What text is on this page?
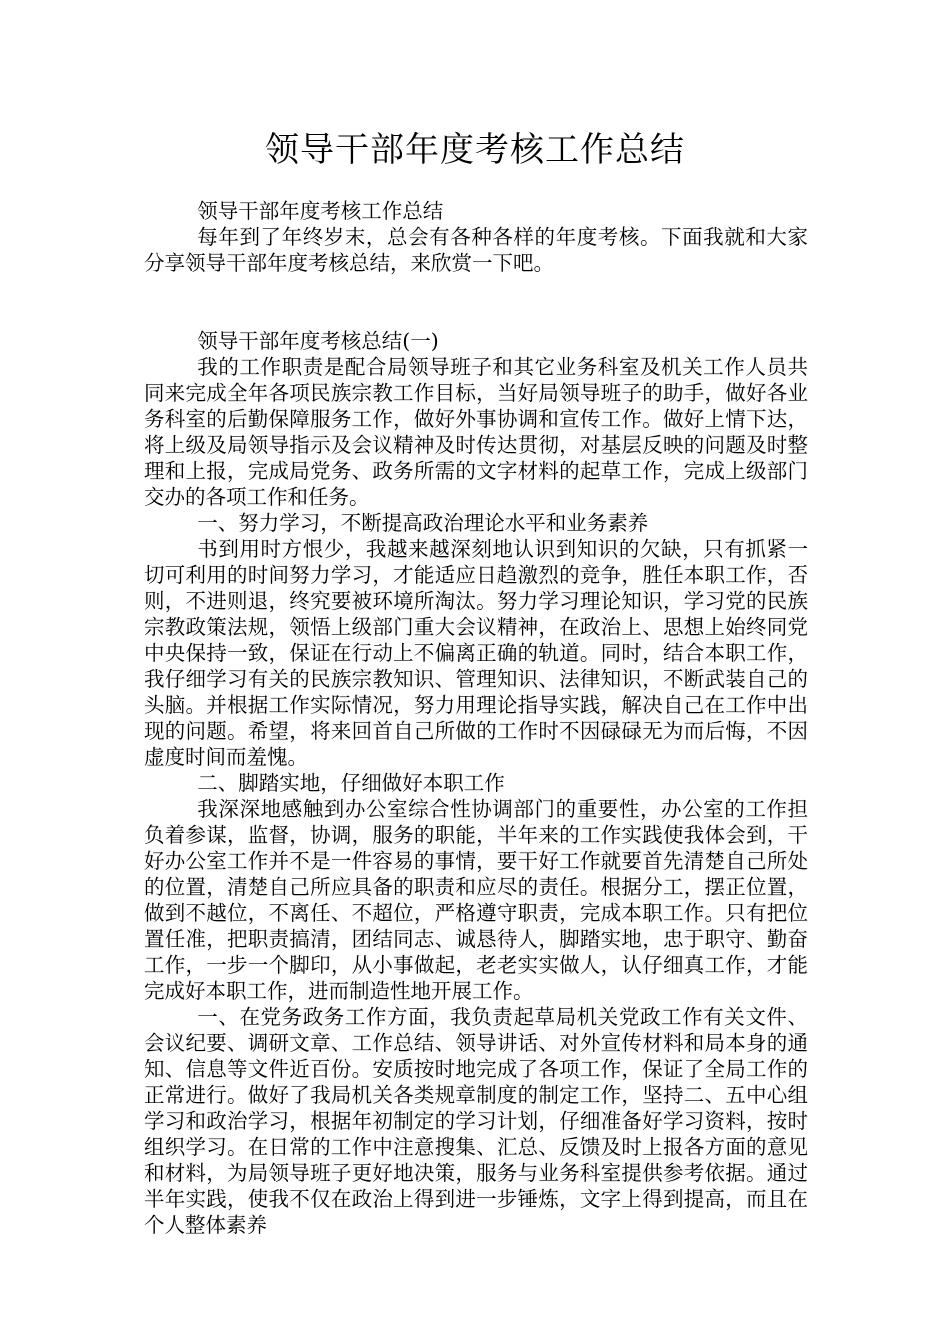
领导干部年度考核工作总结

领导干部年度考核工作总结

每年到了年终岁末，总会有各种各样的年度考核。下面我就和大家分享领导干部年度考核总结，来欣赏一下吧。

领导干部年度考核总结(一)

我的工作职责是配合局领导班子和其它业务科室及机关工作人员共同来完成全年各项民族宗教工作目标，当好局领导班子的助手，做好各业务科室的后勤保障服务工作，做好外事协调和宣传工作。做好上情下达，将上级及局领导指示及会议精神及时传达贯彻，对基层反映的问题及时整理和上报，完成局党务、政务所需的文字材料的起草工作，完成上级部门交办的各项工作和任务。

一、努力学习，不断提高政治理论水平和业务素养

书到用时方恨少，我越来越深刻地认识到知识的欠缺，只有抓紧一切可利用的时间努力学习，才能适应日趋激烈的竞争，胜任本职工作，否则，不进则退，终究要被环境所淘汰。努力学习理论知识，学习党的民族宗教政策法规，领悟上级部门重大会议精神，在政治上、思想上始终同党中央保持一致，保证在行动上不偏离正确的轨道。同时，结合本职工作，我仔细学习有关的民族宗教知识、管理知识、法律知识，不断武装自己的头脑。并根据工作实际情况，努力用理论指导实践，解决自己在工作中出现的问题。希望，将来回首自己所做的工作时不因碌碌无为而后悔，不因虚度时间而羞愧。

二、脚踏实地，仔细做好本职工作

我深深地感触到办公室综合性协调部门的重要性，办公室的工作担负着参谋，监督，协调，服务的职能，半年来的工作实践使我体会到，干好办公室工作并不是一件容易的事情，要干好工作就要首先清楚自己所处的位置，清楚自己所应具备的职责和应尽的责任。根据分工，摆正位置，做到不越位，不离任、不超位，严格遵守职责，完成本职工作。只有把位置任准，把职责搞清，团结同志、诚恳待人，脚踏实地，忠于职守、勤奋工作，一步一个脚印，从小事做起，老老实实做人，认仔细真工作，才能完成好本职工作，进而制造性地开展工作。

一、在党务政务工作方面，我负责起草局机关党政工作有关文件、会议纪要、调研文章、工作总结、领导讲话、对外宣传材料和局本身的通知、信息等文件近百份。安质按时地完成了各项工作，保证了全局工作的正常进行。做好了我局机关各类规章制度的制定工作，坚持二、五中心组学习和政治学习，根据年初制定的学习计划，仔细准备好学习资料，按时组织学习。在日常的工作中注意搜集、汇总、反馈及时上报各方面的意见和材料，为局领导班子更好地决策，服务与业务科室提供参考依据。通过半年实践，使我不仅在政治上得到进一步锤炼，文字上得到提高，而且在个人整体素养
